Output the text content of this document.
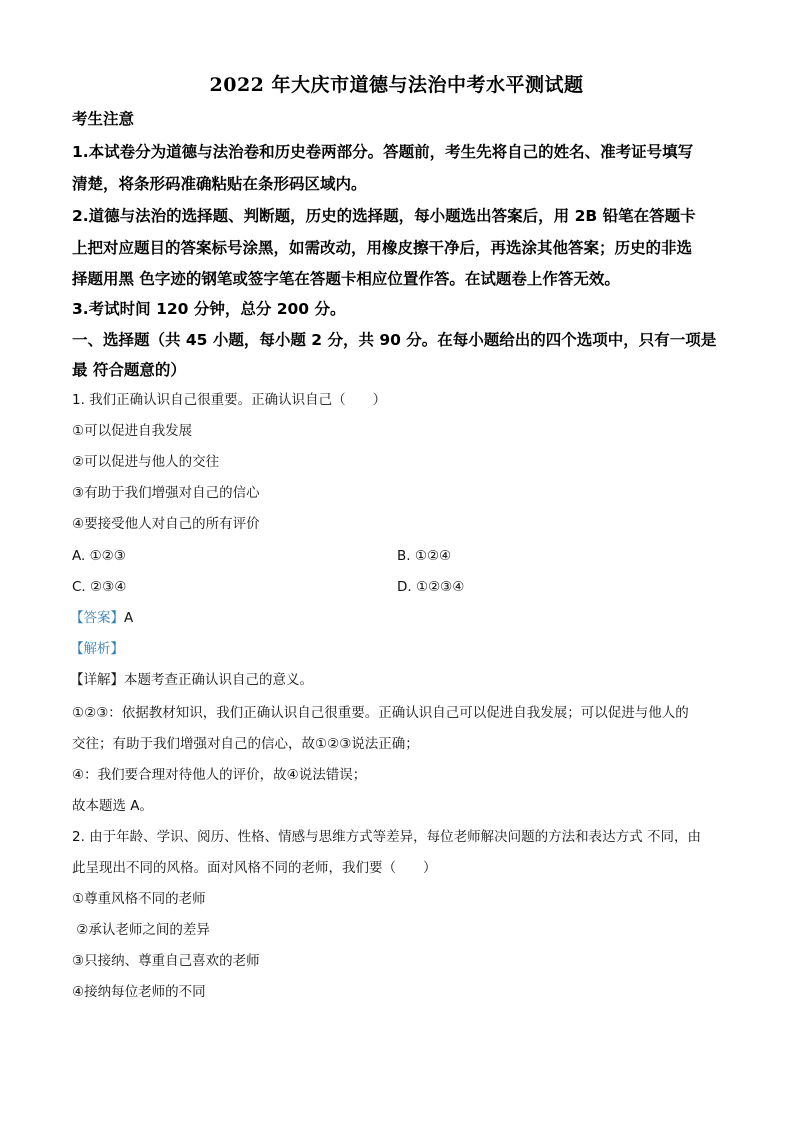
2022 年大庆市道德与法治中考水平测试题
考生注意
1.本试卷分为道德与法治卷和历史卷两部分。答题前，考生先将自己的姓名、准考证号填写
清楚，将条形码准确粘贴在条形码区域内。
2.道德与法治的选择题、判断题，历史的选择题，每小题选出答案后，用 2B 铅笔在答题卡
上把对应题目的答案标号涂黑，如需改动，用橡皮擦干净后，再选涂其他答案；历史的非选
择题用黑 色字迹的钢笔或签字笔在答题卡相应位置作答。在试题卷上作答无效。
3.考试时间 120 分钟，总分 200 分。
一、选择题（共 45 小题，每小题 2 分，共 90 分。在每小题给出的四个选项中，只有一项是
最 符合题意的）
1. 我们正确认识自己很重要。正确认识自己（　　）
①可以促进自我发展
②可以促进与他人的交往
③有助于我们增强对自己的信心
④要接受他人对自己的所有评价
A. ①②③	B. ①②④
C. ②③④	D. ①②③④
【答案】A
【解析】
【详解】本题考查正确认识自己的意义。
①②③：依据教材知识，我们正确认识自己很重要。正确认识自己可以促进自我发展；可以促进与他人的
交往；有助于我们增强对自己的信心，故①②③说法正确；
④：我们要合理对待他人的评价，故④说法错误；
故本题选 A。
2. 由于年龄、学识、阅历、性格、情感与思维方式等差异，每位老师解决问题的方法和表达方式 不同，由
此呈现出不同的风格。面对风格不同的老师，我们要（　　）
①尊重风格不同的老师
②承认老师之间的差异
③只接纳、尊重自己喜欢的老师
④接纳每位老师的不同
